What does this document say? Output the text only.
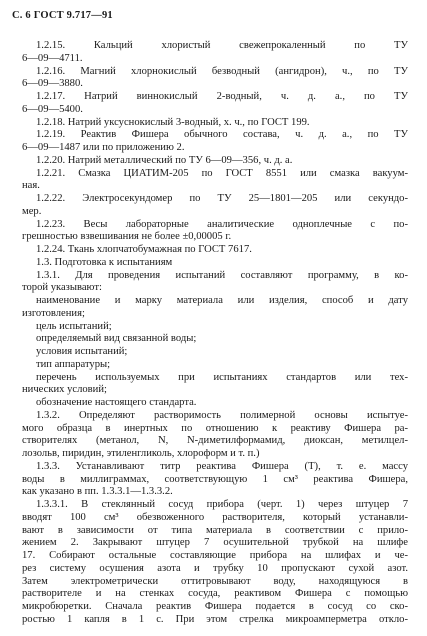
С. 6 ГОСТ 9.717—91
1.2.15. Кальций хлористый свежепрокаленный по ТУ
6—09—4711.
1.2.16. Магний хлорнокислый безводный (ангидрон), ч., по ТУ
6—09—3880.
1.2.17. Натрий виннокислый 2-водный, ч. д. а., по ТУ
6—09—5400.
1.2.18. Натрий уксуснокислый 3-водный, х. ч., по ГОСТ 199.
1.2.19. Реактив Фишера обычного состава, ч. д. а., по ТУ
6—09—1487 или по приложению 2.
1.2.20. Натрий металлический по ТУ 6—09—356, ч. д. а.
1.2.21. Смазка ЦИАТИМ-205 по ГОСТ 8551 или смазка вакуум-
ная.
1.2.22. Электросекундомер по ТУ 25—1801—205 или секундо-
мер.
1.2.23. Весы лабораторные аналитические одноплечные с по-
грешностью взвешивания не более ±0,00005 г.
1.2.24. Ткань хлопчатобумажная по ГОСТ 7617.
1.3. Подготовка к испытаниям
1.3.1. Для проведения испытаний составляют программу, в ко-
торой указывают:
наименование и марку материала или изделия, способ и дату
изготовления;
цель испытаний;
определяемый вид связанной воды;
условия испытаний;
тип аппаратуры;
перечень используемых при испытаниях стандартов или тех-
нических условий;
обозначение настоящего стандарта.
1.3.2. Определяют растворимость полимерной основы испытуе-
мого образца в инертных по отношению к реактиву Фишера ра-
створителях (метанол, N, N-диметилформамид, диоксан, метилцел-
лозольв, пиридин, этиленгликоль, хлороформ и т. п.)
1.3.3. Устанавливают титр реактива Фишера (Т), т. е. массу
воды в миллиграммах, соответствующую 1 см³ реактива Фишера,
как указано в пп. 1.3.3.1—1.3.3.2.
1.3.3.1. В стеклянный сосуд прибора (черт. 1) через штуцер 7
вводят 100 см³ обезвоженного растворителя, который устанавли-
вают в зависимости от типа материала в соответствии с прило-
жением 2. Закрывают штуцер 7 осушительной трубкой на шлифе
17. Собирают остальные составляющие прибора на шлифах и че-
рез систему осушения азота и трубку 10 пропускают сухой азот.
Затем электрометрически оттитровывают воду, находящуюся в
растворителе и на стенках сосуда, реактивом Фишера с помощью
микробюретки. Сначала реактив Фишера подается в сосуд со ско-
ростью 1 капля в 1 с. При этом стрелка микроамперметра откло-
